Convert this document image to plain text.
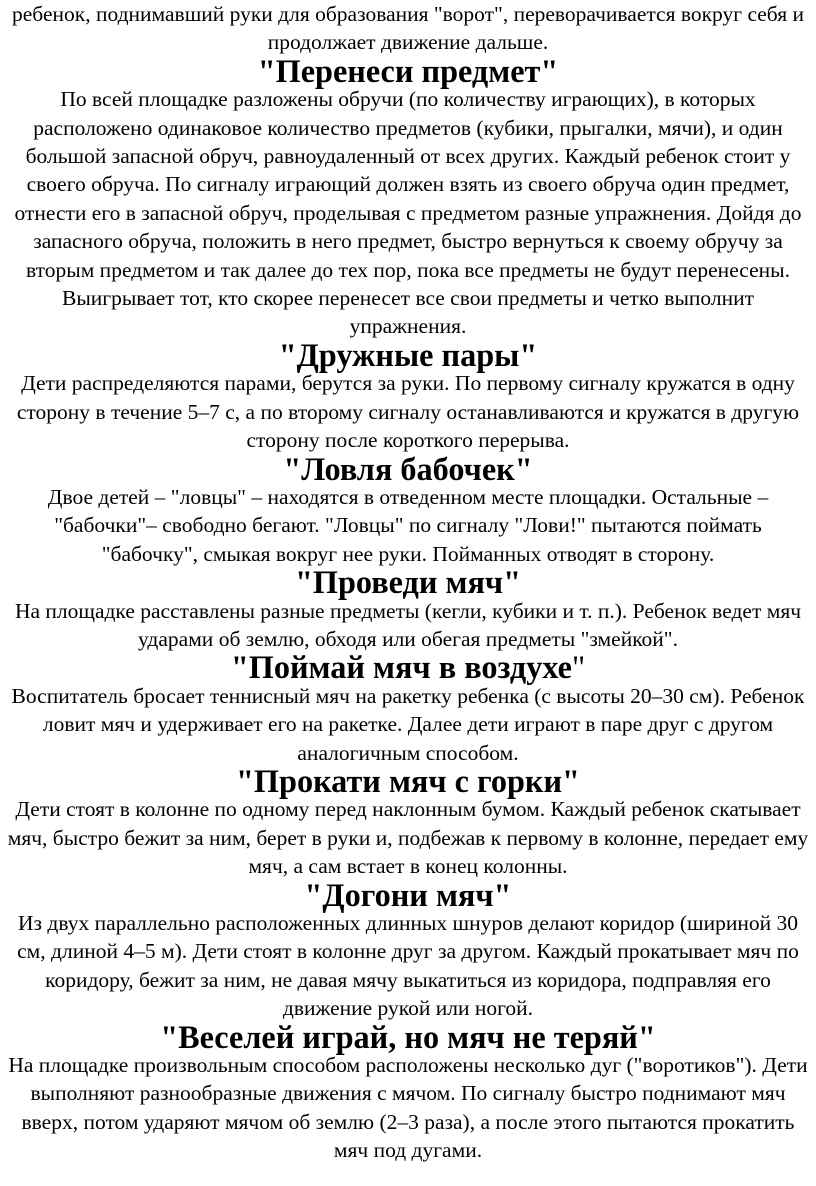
ребенок, поднимавший руки для образования "ворот", переворачивается вокруг себя и продолжает движение дальше.

"Перенеси предмет"

По всей площадке разложены обручи (по количеству играющих), в которых расположено одинаковое количество предметов (кубики, прыгалки, мячи), и один большой запасной обруч, равноудаленный от всех других. Каждый ребенок стоит у своего обруча. По сигналу играющий должен взять из своего обруча один предмет, отнести его в запасной обруч, проделывая с предметом разные упражнения. Дойдя до запасного обруча, положить в него предмет, быстро вернуться к своему обручу за вторым предметом и так далее до тех пор, пока все предметы не будут перенесены. Выигрывает тот, кто скорее перенесет все свои предметы и четко выполнит упражнения.

"Дружные пары"

Дети распределяются парами, берутся за руки. По первому сигналу кружатся в одну сторону в течение 5–7 с, а по второму сигналу останавливаются и кружатся в другую сторону после короткого перерыва.

"Ловля бабочек"

Двое детей – "ловцы" – находятся в отведенном месте площадки. Остальные – "бабочки"– свободно бегают. "Ловцы" по сигналу "Лови!" пытаются поймать "бабочку", смыкая вокруг нее руки. Пойманных отводят в сторону.

"Проведи мяч"

На площадке расставлены разные предметы (кегли, кубики и т. п.). Ребенок ведет мяч ударами об землю, обходя или обегая предметы "змейкой".

"Поймай мяч в воздухе"

Воспитатель бросает теннисный мяч на ракетку ребенка (с высоты 20–30 см). Ребенок ловит мяч и удерживает его на ракетке. Далее дети играют в паре друг с другом аналогичным способом.

"Прокати мяч с горки"

Дети стоят в колонне по одному перед наклонным бумом. Каждый ребенок скатывает мяч, быстро бежит за ним, берет в руки и, подбежав к первому в колонне, передает ему мяч, а сам встает в конец колонны.

"Догони мяч"

Из двух параллельно расположенных длинных шнуров делают коридор (шириной 30 см, длиной 4–5 м). Дети стоят в колонне друг за другом. Каждый прокатывает мяч по коридору, бежит за ним, не давая мячу выкатиться из коридора, подправляя его движение рукой или ногой.

"Веселей играй, но мяч не теряй"

На площадке произвольным способом расположены несколько дуг ("воротиков"). Дети выполняют разнообразные движения с мячом. По сигналу быстро поднимают мяч вверх, потом ударяют мячом об землю (2–3 раза), а после этого пытаются прокатить мяч под дугами.
